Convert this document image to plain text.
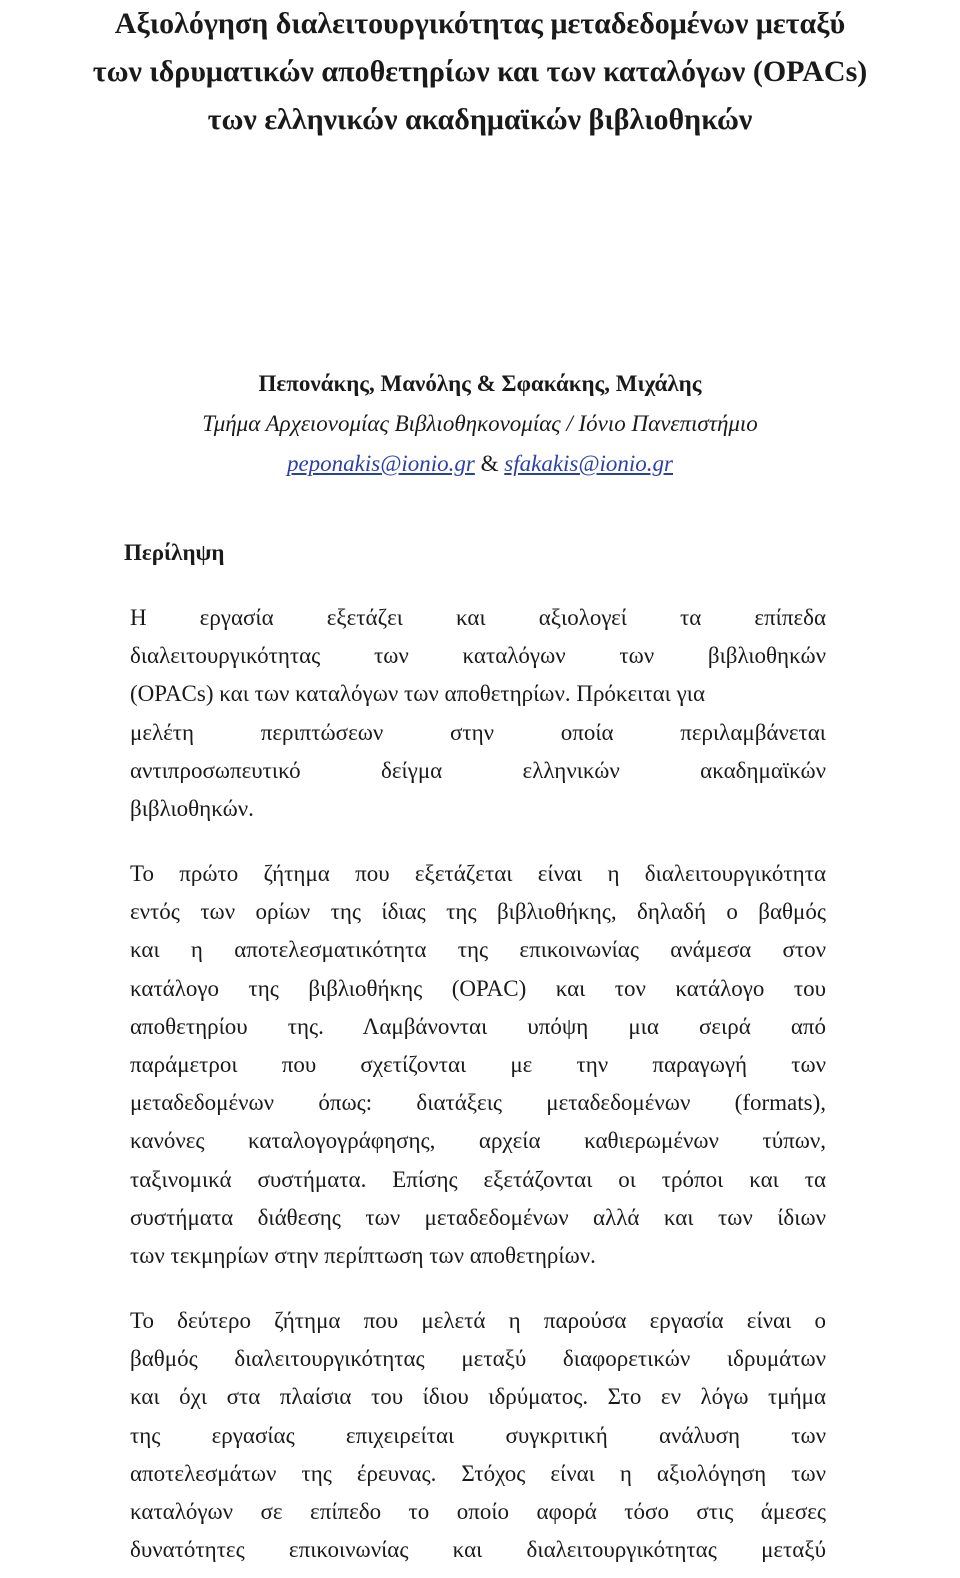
Αξιολόγηση διαλειτουργικότητας μεταδεδομένων μεταξύ
των ιδρυματικών αποθετηρίων και των καταλόγων (OPACs)
των ελληνικών ακαδημαϊκών βιβλιοθηκών
Πεπονάκης, Μανόλης & Σφακάκης, Μιχάλης
Τμήμα Αρχειονομίας Βιβλιοθηκονομίας / Ιόνιο Πανεπιστήμιο
peponakis@ionio.gr & sfakakis@ionio.gr
Περίληψη
Η εργασία εξετάζει και αξιολογεί τα επίπεδα
διαλειτουργικότητας των καταλόγων των βιβλιοθηκών
(OPACs) και των καταλόγων των αποθετηρίων. Πρόκειται για
μελέτη περιπτώσεων στην οποία περιλαμβάνεται
αντιπροσωπευτικό δείγμα ελληνικών ακαδημαϊκών
βιβλιοθηκών.
Το πρώτο ζήτημα που εξετάζεται είναι η διαλειτουργικότητα
εντός των ορίων της ίδιας της βιβλιοθήκης, δηλαδή ο βαθμός
και η αποτελεσματικότητα της επικοινωνίας ανάμεσα στον
κατάλογο της βιβλιοθήκης (OPAC) και τον κατάλογο του
αποθετηρίου της. Λαμβάνονται υπόψη μια σειρά από
παράμετροι που σχετίζονται με την παραγωγή των
μεταδεδομένων όπως: διατάξεις μεταδεδομένων (formats),
κανόνες καταλογογράφησης, αρχεία καθιερωμένων τύπων,
ταξινομικά συστήματα. Επίσης εξετάζονται οι τρόποι και τα
συστήματα διάθεσης των μεταδεδομένων αλλά και των ίδιων
των τεκμηρίων στην περίπτωση των αποθετηρίων.
Το δεύτερο ζήτημα που μελετά η παρούσα εργασία είναι ο
βαθμός διαλειτουργικότητας μεταξύ διαφορετικών ιδρυμάτων
και όχι στα πλαίσια του ίδιου ιδρύματος. Στο εν λόγω τμήμα
της εργασίας επιχειρείται συγκριτική ανάλυση των
αποτελεσμάτων της έρευνας. Στόχος είναι η αξιολόγηση των
καταλόγων σε επίπεδο το οποίο αφορά τόσο στις άμεσες
δυνατότητες επικοινωνίας και διαλειτουργικότητας μεταξύ
